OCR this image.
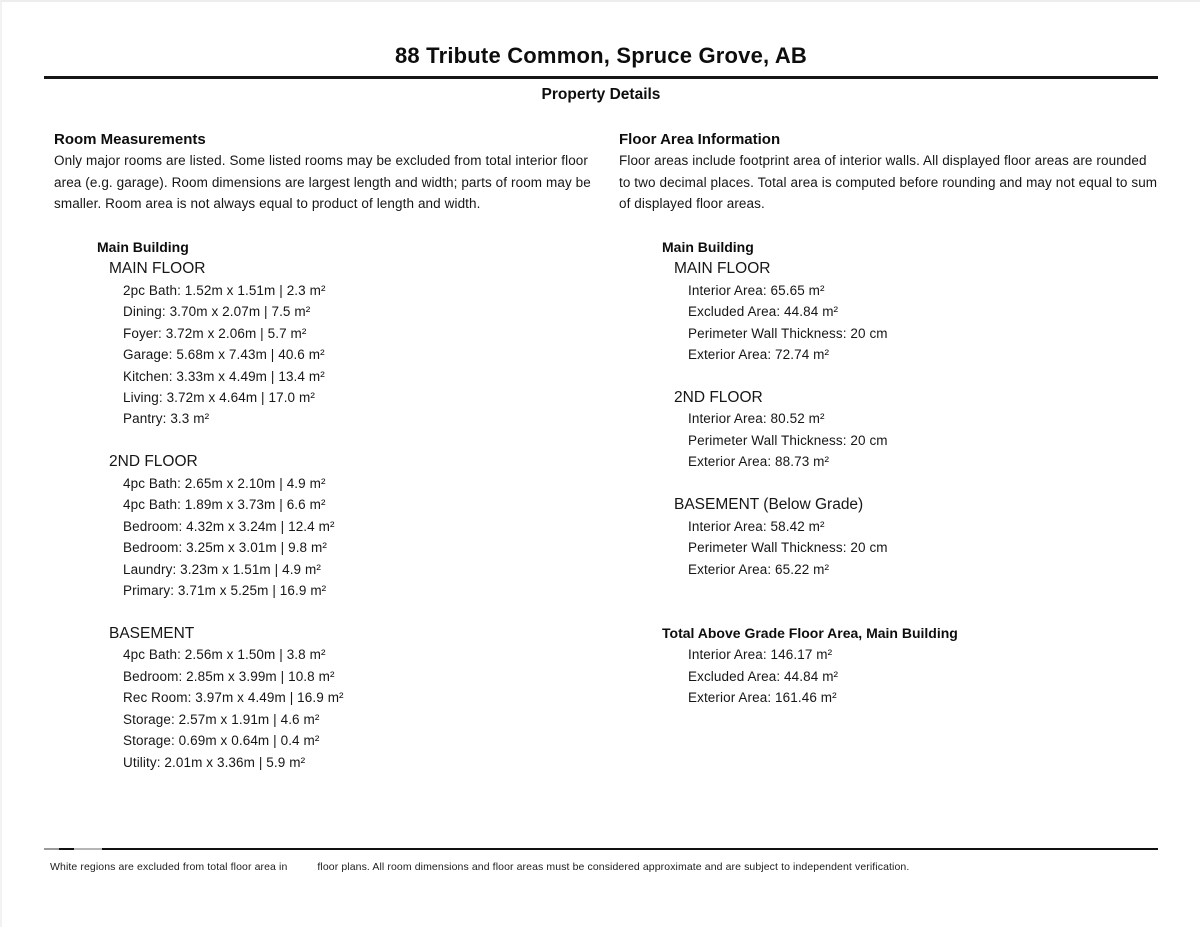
88 Tribute Common, Spruce Grove, AB
Property Details
Room Measurements

Only major rooms are listed. Some listed rooms may be excluded from total interior floor area (e.g. garage). Room dimensions are largest length and width; parts of room may be smaller. Room area is not always equal to product of length and width.

Main Building
MAIN FLOOR
2pc Bath: 1.52m x 1.51m | 2.3 m²
Dining: 3.70m x 2.07m | 7.5 m²
Foyer: 3.72m x 2.06m | 5.7 m²
Garage: 5.68m x 7.43m | 40.6 m²
Kitchen: 3.33m x 4.49m | 13.4 m²
Living: 3.72m x 4.64m | 17.0 m²
Pantry: 3.3 m²
2ND FLOOR
4pc Bath: 2.65m x 2.10m | 4.9 m²
4pc Bath: 1.89m x 3.73m | 6.6 m²
Bedroom: 4.32m x 3.24m | 12.4 m²
Bedroom: 3.25m x 3.01m | 9.8 m²
Laundry: 3.23m x 1.51m | 4.9 m²
Primary: 3.71m x 5.25m | 16.9 m²
BASEMENT
4pc Bath: 2.56m x 1.50m | 3.8 m²
Bedroom: 2.85m x 3.99m | 10.8 m²
Rec Room: 3.97m x 4.49m | 16.9 m²
Storage: 2.57m x 1.91m | 4.6 m²
Storage: 0.69m x 0.64m | 0.4 m²
Utility: 2.01m x 3.36m | 5.9 m²
Floor Area Information

Floor areas include footprint area of interior walls. All displayed floor areas are rounded to two decimal places. Total area is computed before rounding and may not equal to sum of displayed floor areas.

Main Building
MAIN FLOOR
Interior Area: 65.65 m²
Excluded Area: 44.84 m²
Perimeter Wall Thickness: 20 cm
Exterior Area: 72.74 m²
2ND FLOOR
Interior Area: 80.52 m²
Perimeter Wall Thickness: 20 cm
Exterior Area: 88.73 m²
BASEMENT (Below Grade)
Interior Area: 58.42 m²
Perimeter Wall Thickness: 20 cm
Exterior Area: 65.22 m²
Total Above Grade Floor Area, Main Building
Interior Area: 146.17 m²
Excluded Area: 44.84 m²
Exterior Area: 161.46 m²

White regions are excluded from total floor area in	floor plans. All room dimensions and floor areas must be considered approximate and are subject to independent verification.
